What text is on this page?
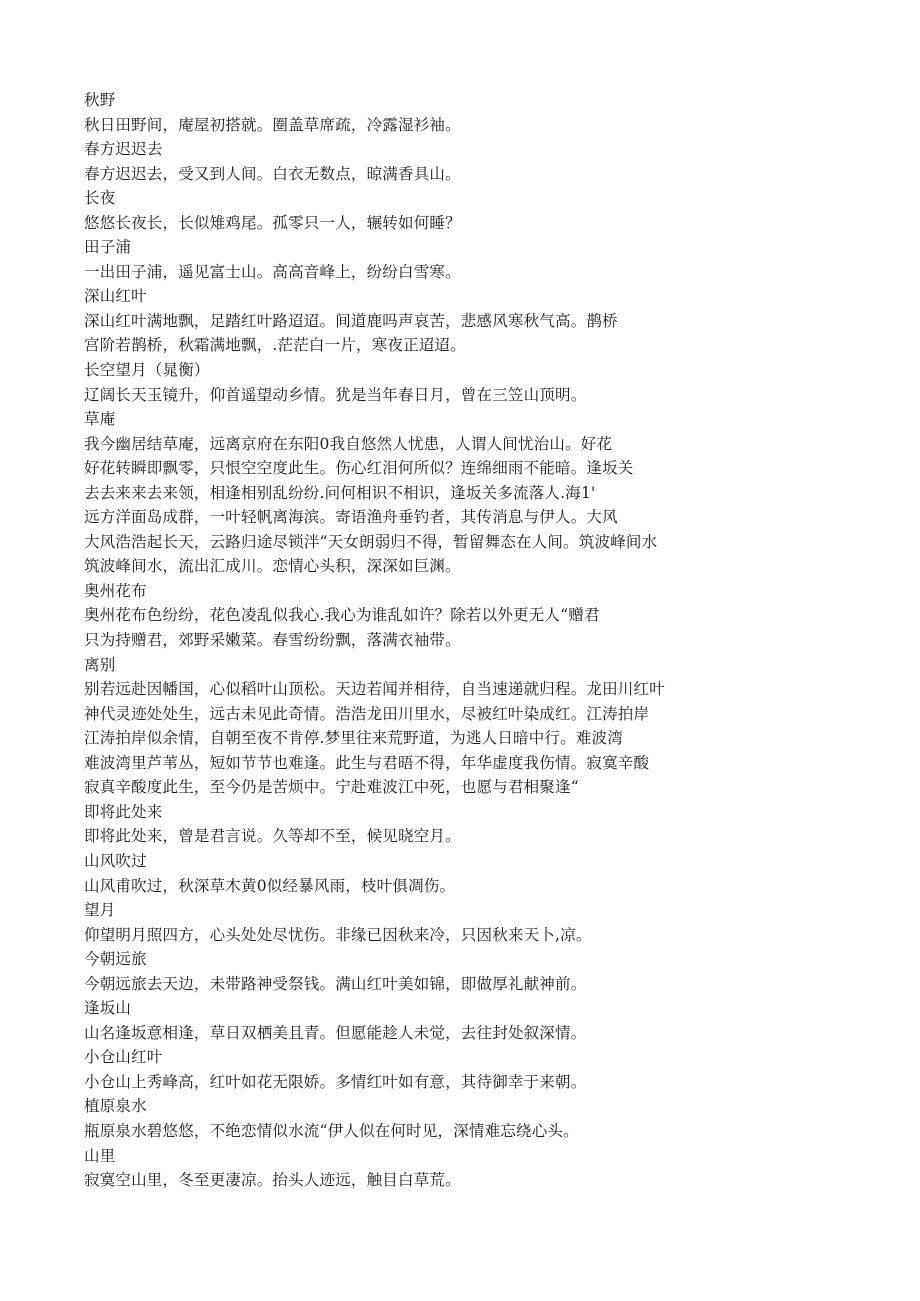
秋野
秋日田野间，庵屋初搭就。圈盖草席疏，冷露湿衫袖。
春方迟迟去
春方迟迟去，受又到人间。白衣无数点，晾满香具山。
长夜
悠悠长夜长，长似雉鸡尾。孤零只一人，辗转如何睡？
田子浦
一出田子浦，遥见富士山。高高音峰上，纷纷白雪寒。
深山红叶
深山红叶满地飘，足踏红叶路迢迢。间道鹿吗声哀苦，悲感风寒秋气高。鹊桥
宫阶若鹊桥，秋霜满地飘，.茫茫白一片，寒夜正迢迢。
长空望月（晁衡）
辽阔长天玉镜升，仰首遥望动乡情。犹是当年春日月，曾在三笠山顶明。
草庵
我今幽居结草庵，远离京府在东阳0我自悠然人忧患，人谓人间忧治山。好花
好花转瞬即飘零，只恨空空度此生。伤心红泪何所似？连绵细雨不能暗。逢坂关
去去来来去来领，相逢相别乱纷纷.问何相识不相识，逢坂关多流落人.海1'
远方洋面岛成群，一叶轻帆离海滨。寄语渔舟垂钓者，其传消息与伊人。大风
大风浩浩起长天，云路归途尽锁泮“天女朗弱归不得，暂留舞态在人间。筑波峰间水
筑波峰间水，流出汇成川。恋情心头积，深深如巨渊。
奥州花布
奥州花布色纷纷，花色凌乱似我心.我心为谁乱如许？除若以外更无人“赠君
只为持赠君，郊野采嫩菜。春雪纷纷飘，落满衣袖带。
离别
别若远赴因幡国，心似稻叶山顶松。天边若闻并相待，自当速递就归程。龙田川红叶
神代灵迹处处生，远古未见此奇情。浩浩龙田川里水，尽被红叶染成红。江涛拍岸
江涛拍岸似余情，自朝至夜不肯停.梦里往来荒野道，为逃人日暗中行。难波湾
难波湾里芦苇丛，短如节节也难逢。此生与君晤不得，年华虚度我伤情。寂寞辛酸
寂真辛酸度此生，至今仍是苦烦中。宁赴难波江中死，也愿与君相聚逢“
即将此处来
即将此处来，曾是君言说。久等却不至，候见晓空月。
山风吹过
山风甫吹过，秋深草木黄0似经暴风雨，枝叶俱凋伤。
望月
仰望明月照四方，心头处处尽忧伤。非缘已因秋来冷，只因秋来天卜,凉。
今朝远旅
今朝远旅去天边，未带路神受祭钱。满山红叶美如锦，即做厚礼献神前。
逢坂山
山名逢坂意相逢，草日双栖美且青。但愿能趁人未觉，去往封处叙深情。
小仓山红叶
小仓山上秀峰高，红叶如花无限娇。多情红叶如有意，其待御幸于来朝。
植原泉水
瓶原泉水碧悠悠，不绝恋情似水流“伊人似在何时见，深情难忘绕心头。
山里
寂寞空山里，冬至更凄凉。抬头人迹远，触目白草荒。
